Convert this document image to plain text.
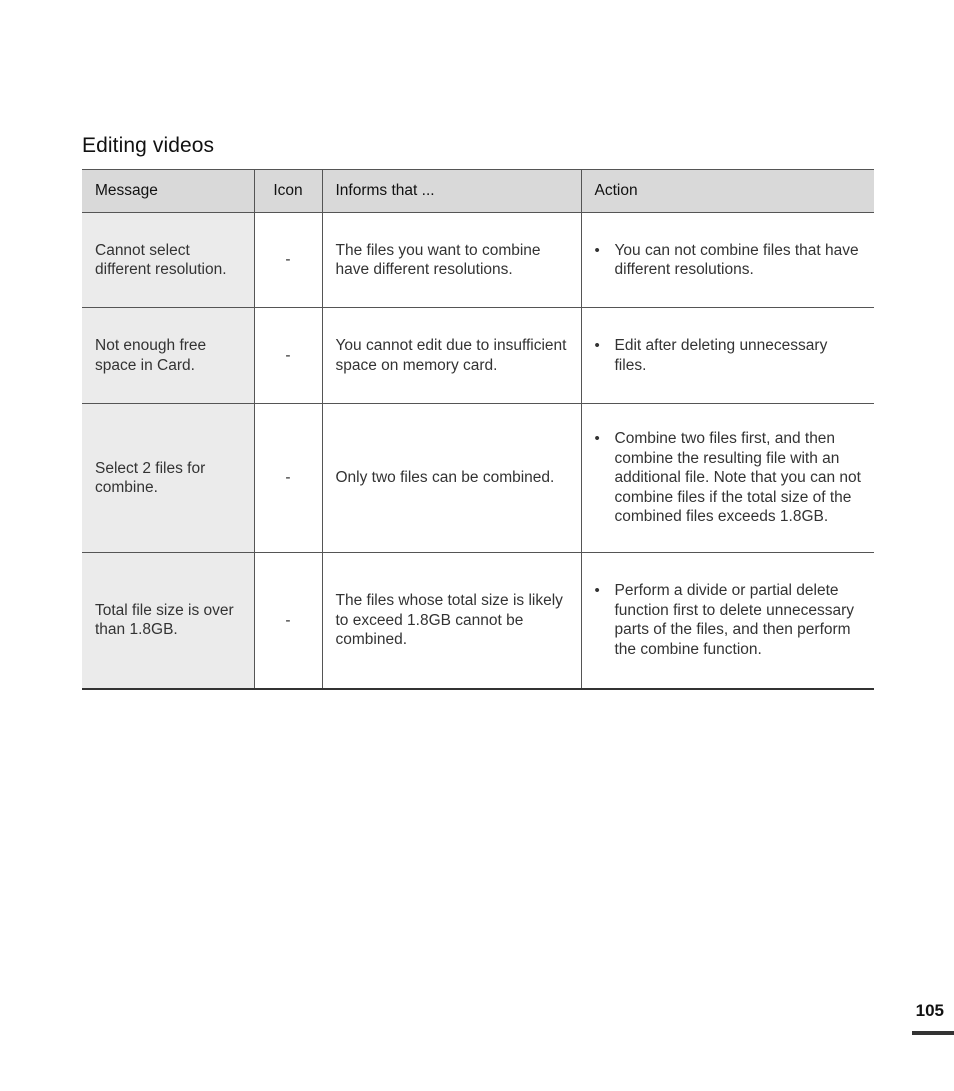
Editing videos
Message	Icon	Informs that ...	Action
Cannot select different resolution.	-	The files you want to combine have different resolutions.	• You can not combine files that have different resolutions.

Not enough free space in Card.	-	You cannot edit due to insufficient space on memory card.	• Edit after deleting unnecessary files.

Select 2 files for combine.	-	Only two files can be combined.	• Combine two files first, and then combine the resulting file with an additional file. Note that you can not combine files if the total size of the combined files exceeds 1.8GB.

Total file size is over than 1.8GB.	-	The files whose total size is likely to exceed 1.8GB cannot be combined.	• Perform a divide or partial delete function first to delete unnecessary parts of the files, and then perform the combine function.
105
